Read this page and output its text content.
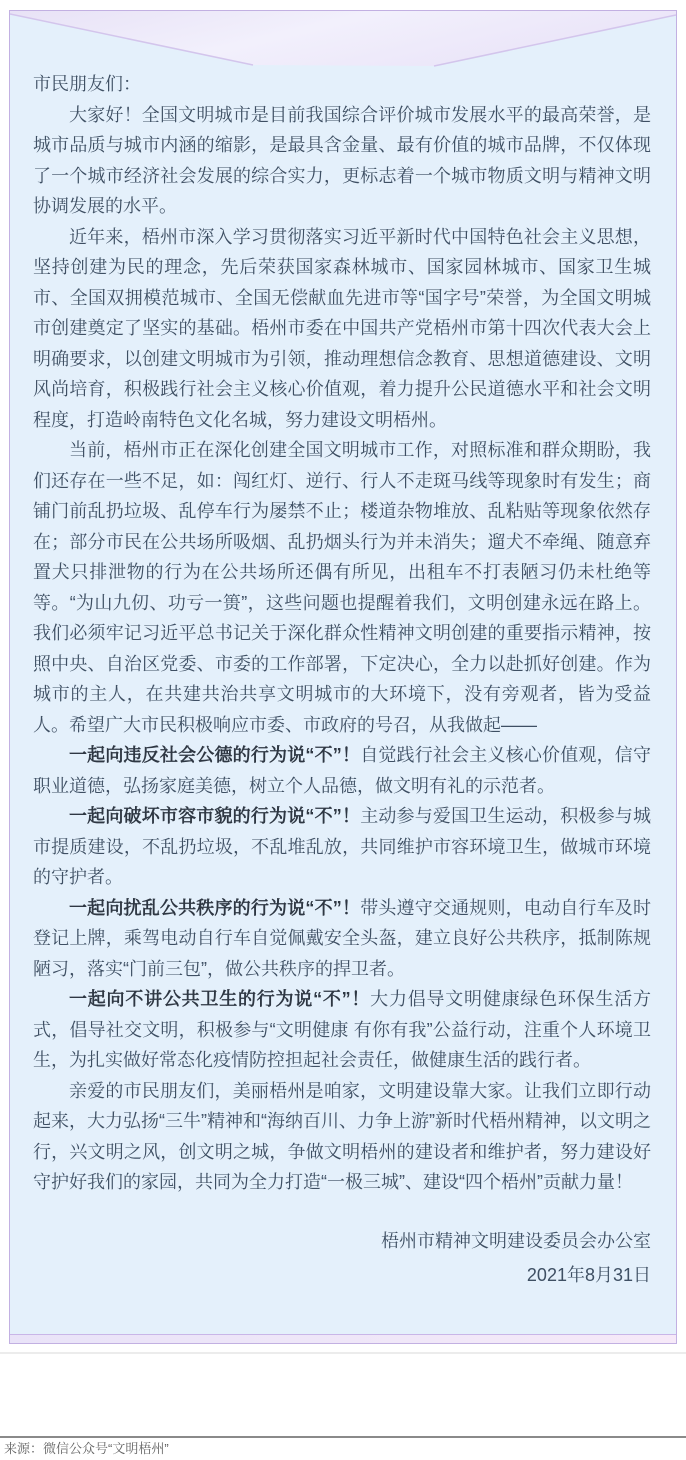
市民朋友们：

大家好！全国文明城市是目前我国综合评价城市发展水平的最高荣誉，是城市品质与城市内涵的缩影，是最具含金量、最有价值的城市品牌，不仅体现了一个城市经济社会发展的综合实力，更标志着一个城市物质文明与精神文明协调发展的水平。

近年来，梧州市深入学习贯彻落实习近平新时代中国特色社会主义思想，坚持创建为民的理念，先后荣获国家森林城市、国家园林城市、国家卫生城市、全国双拥模范城市、全国无偿献血先进市等“国字号”荣誉，为全国文明城市创建奠定了坚实的基础。梧州市委在中国共产党梧州市第十四次代表大会上明确要求，以创建文明城市为引领，推动理想信念教育、思想道德建设、文明风尚培育，积极践行社会主义核心价值观，着力提升公民道德水平和社会文明程度，打造岭南特色文化名城，努力建设文明梧州。

当前，梧州市正在深化创建全国文明城市工作，对照标准和群众期盼，我们还存在一些不足，如：闯红灯、逆行、行人不走斑马线等现象时有发生；商铺门前乱扔垃圾、乱停车行为屡禁不止；楼道杂物堆放、乱粘贴等现象依然存在；部分市民在公共场所吸烟、乱扔烟头行为并未消失；遛犬不牵绳、随意弃置犬只排泄物的行为在公共场所还偶有所见，出租车不打表陋习仍未杜绝等等。“为山九仞、功亏一篑”，这些问题也提醒着我们，文明创建永远在路上。我们必须牢记习近平总书记关于深化群众性精神文明创建的重要指示精神，按照中央、自治区党委、市委的工作部署，下定决心，全力以赴抓好创建。作为城市的主人，在共建共治共享文明城市的大环境下，没有旁观者，皆为受益人。希望广大市民积极响应市委、市政府的号召，从我做起——

一起向违反社会公德的行为说“不”！自觉践行社会主义核心价值观，信守职业道德，弘扬家庭美德，树立个人品德，做文明有礼的示范者。

一起向破坏市容市貌的行为说“不”！主动参与爱国卫生运动，积极参与城市提质建设，不乱扔垃圾，不乱堆乱放，共同维护市容环境卫生，做城市环境的守护者。

一起向扰乱公共秩序的行为说“不”！带头遵守交通规则，电动自行车及时登记上牌，乘驾电动自行车自觉佩戴安全头盔，建立良好公共秩序，抵制陈规陋习，落实“门前三包”，做公共秩序的捍卫者。

一起向不讲公共卫生的行为说“不”！大力倡导文明健康绿色环保生活方式，倡导社交文明，积极参与“文明健康 有你有我”公益行动，注重个人环境卫生，为扎实做好常态化疫情防控担起社会责任，做健康生活的践行者。

亲爱的市民朋友们，美丽梧州是咱家，文明建设靠大家。让我们立即行动起来，大力弘扬“三牛”精神和“海纳百川、力争上游”新时代梧州精神，以文明之行，兴文明之风，创文明之城，争做文明梧州的建设者和维护者，努力建设好守护好我们的家园，共同为全力打造“一极三城”、建设“四个梧州”贡献力量！

梧州市精神文明建设委员会办公室
2021年8月31日
来源：微信公众号“文明梧州”
